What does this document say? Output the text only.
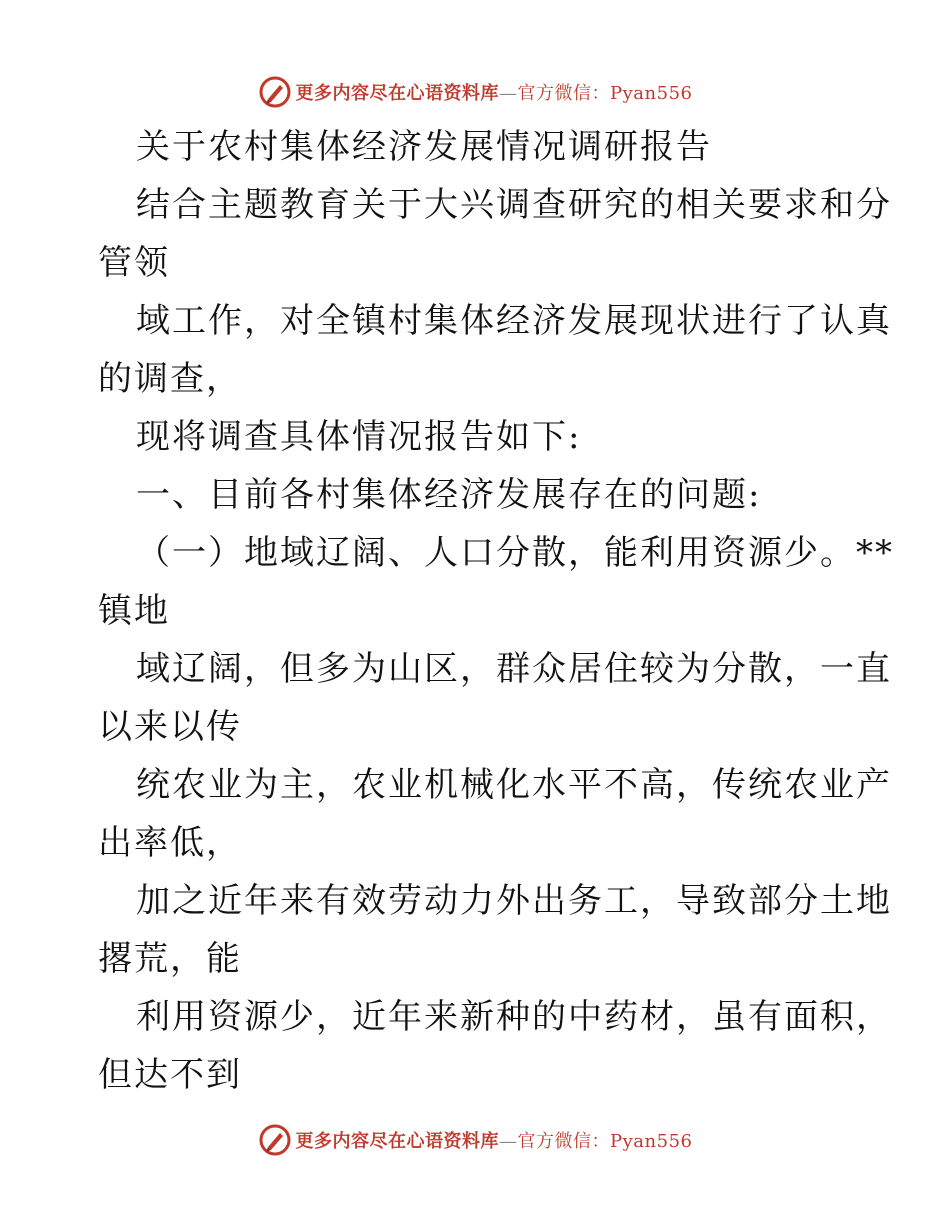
更多内容尽在心语资料库—官方微信：Pyan556
关于农村集体经济发展情况调研报告
结合主题教育关于大兴调查研究的相关要求和分
管领
域工作，对全镇村集体经济发展现状进行了认真
的调查，
现将调查具体情况报告如下:
一、目前各村集体经济发展存在的问题:
（一）地域辽阔、人口分散，能利用资源少。**
镇地
域辽阔，但多为山区，群众居住较为分散，一直
以来以传
统农业为主，农业机械化水平不高，传统农业产
出率低，
加之近年来有效劳动力外出务工，导致部分土地
撂荒，能
利用资源少，近年来新种的中药材，虽有面积，
但达不到
更多内容尽在心语资料库—官方微信：Pyan556
